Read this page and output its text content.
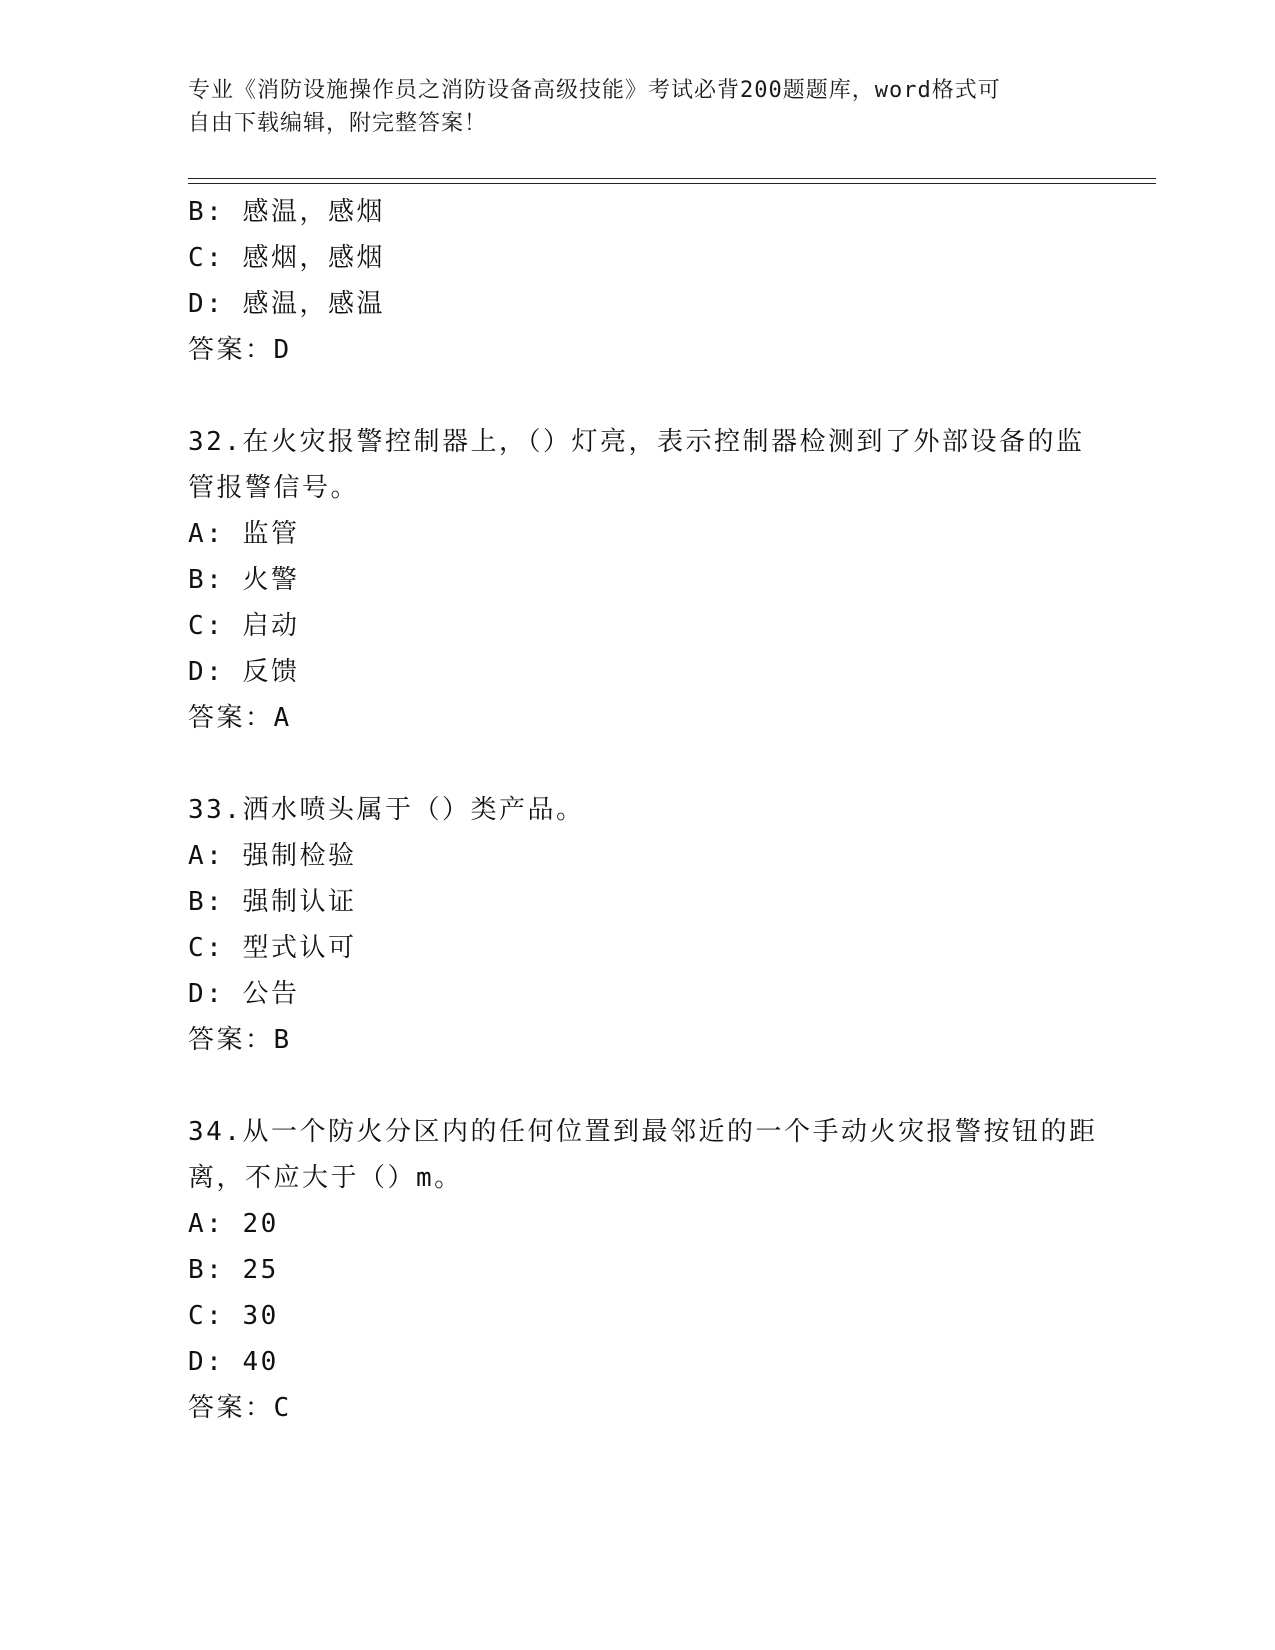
专业《消防设施操作员之消防设备高级技能》考试必背200题题库，word格式可
自由下载编辑，附完整答案！
B: 感温，感烟
C: 感烟，感烟
D: 感温，感温
答案：D
32.在火灾报警控制器上，（）灯亮，表示控制器检测到了外部设备的监管报警信号。
A: 监管
B: 火警
C: 启动
D: 反馈
答案：A
33.洒水喷头属于（）类产品。
A: 强制检验
B: 强制认证
C: 型式认可
D: 公告
答案：B
34.从一个防火分区内的任何位置到最邻近的一个手动火灾报警按钮的距离，不应大于（）m。
A: 20
B: 25
C: 30
D: 40
答案：C
